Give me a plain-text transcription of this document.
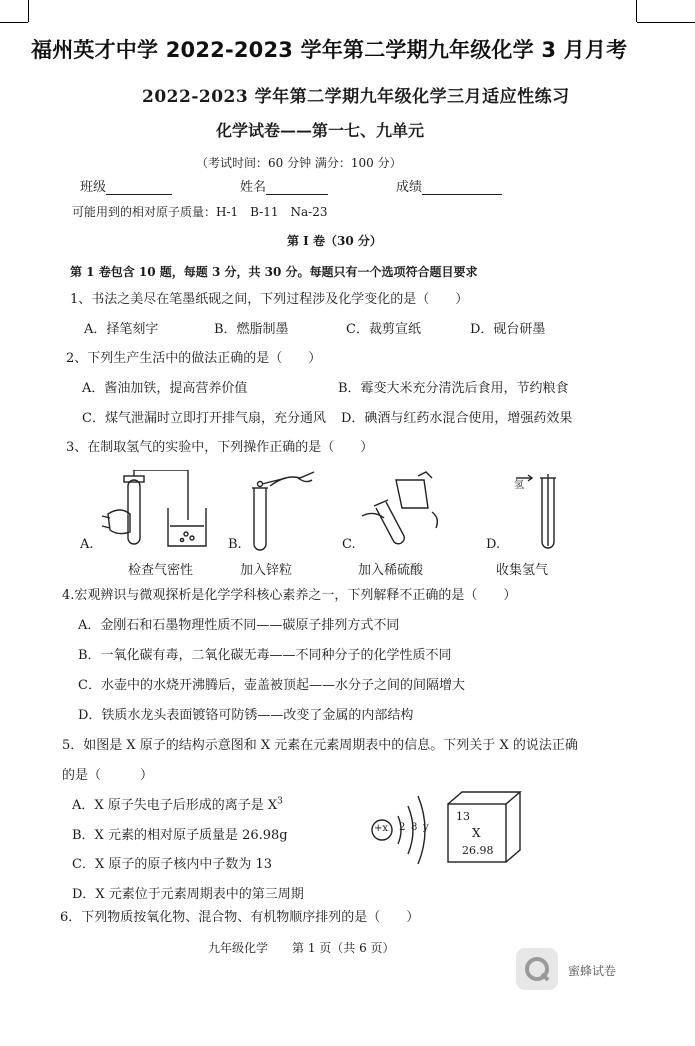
福州英才中学 2022-2023 学年第二学期九年级化学 3 月月考
2022-2023 学年第二学期九年级化学三月适应性练习
化学试卷——第一七、九单元
（考试时间：60 分钟 满分：100 分）
班级	姓名	成绩
可能用到的相对原子质量：H-1　B-11　Na-23
第 I 卷（30 分）
第 1 卷包含 10 题，每题 3 分，共 30 分。每题只有一个选项符合题目要求
1、书法之美尽在笔墨纸砚之间，下列过程涉及化学变化的是（　　）
A．择笔刻字	B．燃脂制墨	C．裁剪宣纸	D．砚台研墨
2、下列生产生活中的做法正确的是（　　）
A．酱油加铁，提高营养价值	B．霉变大米充分清洗后食用，节约粮食
C．煤气泄漏时立即打开排气扇，充分通风 D．碘酒与红药水混合使用，增强药效果
3、在制取氢气的实验中，下列操作正确的是（　　）
A.	B.	C.	D.
氢
检查气密性	加入锌粒	加入稀硫酸	收集氢气
4.宏观辨识与微观探析是化学学科核心素养之一，下列解释不正确的是（　　）
A．金刚石和石墨物理性质不同——碳原子排列方式不同
B．一氧化碳有毒，二氧化碳无毒——不同种分子的化学性质不同
C．水壶中的水烧开沸腾后，壶盖被顶起——水分子之间的间隔增大
D．铁质水龙头表面镀铬可防锈——改变了金属的内部结构
5．如图是 X 原子的结构示意图和 X 元素在元素周期表中的信息。下列关于 X 的说法正确
的是（　　　）
A．X 原子失电子后形成的离子是 $X^3$
B．X 元素的相对原子质量是 26.98g
C．X 原子的原子核内中子数为 13
D．X 元素位于元素周期表中的第三周期
+x 2 8 y
13
X
26.98
6．下列物质按氧化物、混合物、有机物顺序排列的是（　　）
九年级化学　　第 1 页（共 6 页）
蜜蜂试卷
